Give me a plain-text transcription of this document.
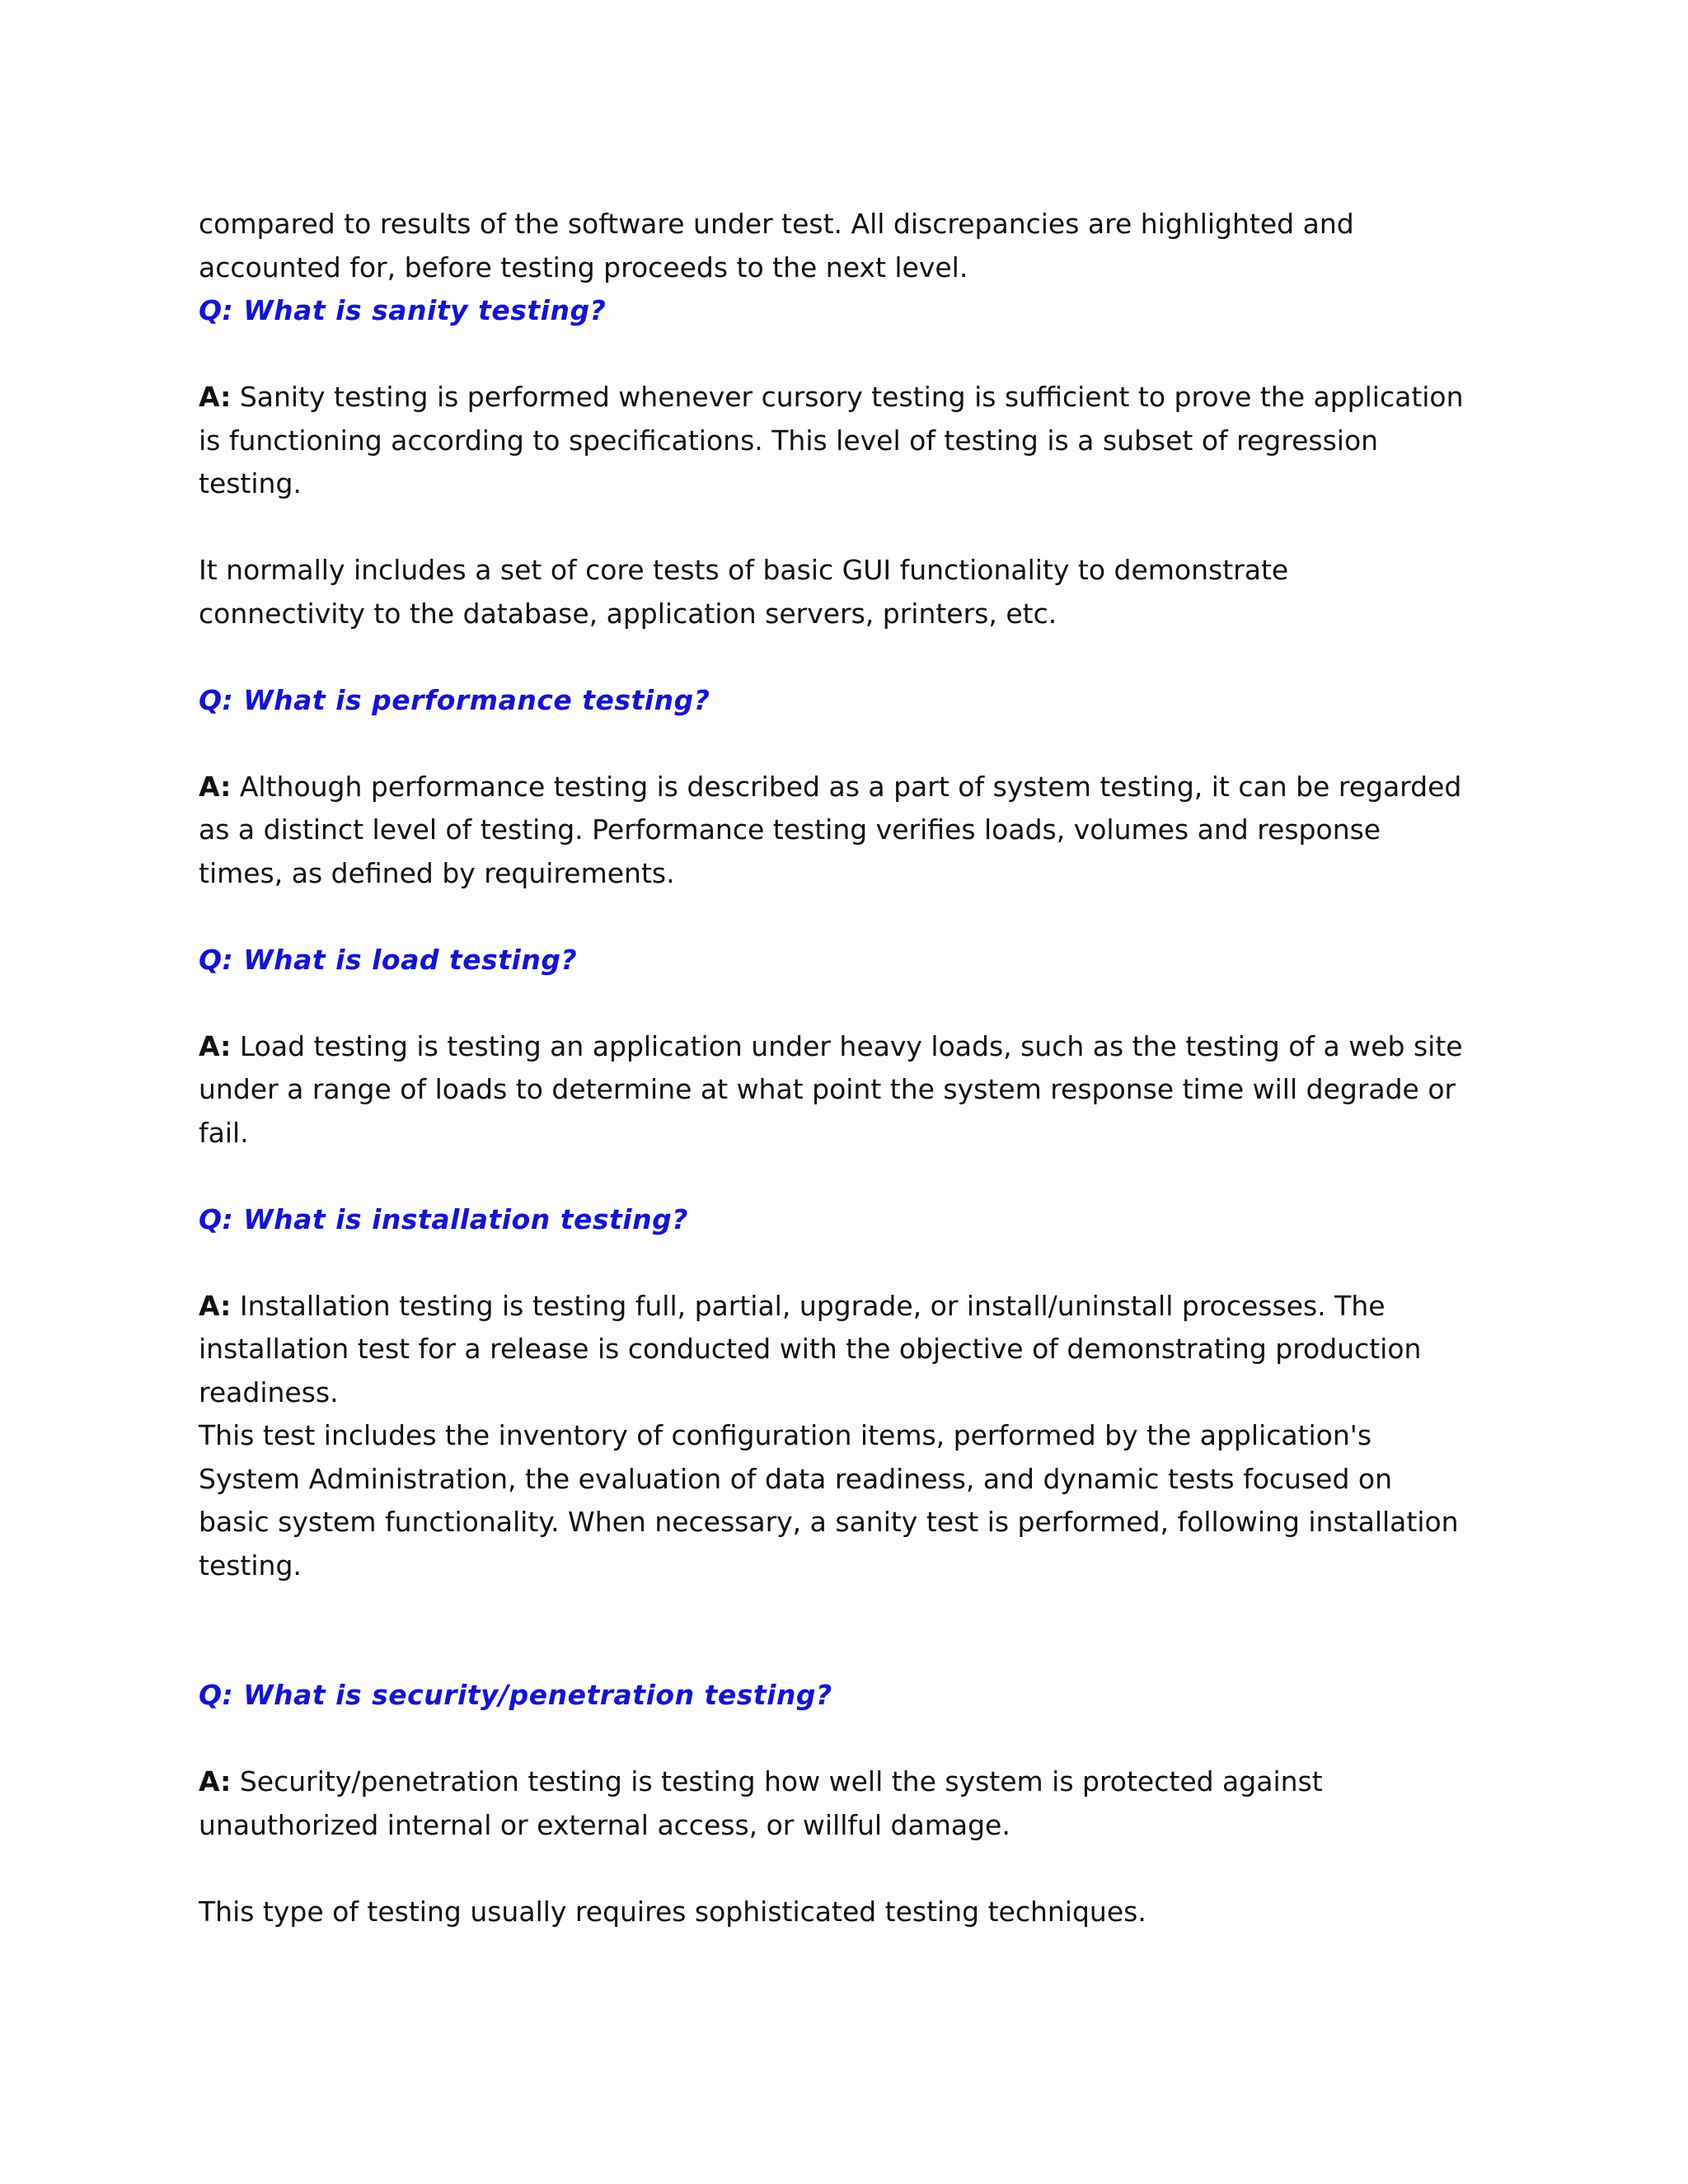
compared to results of the software under test. All discrepancies are highlighted and

accounted for, before testing proceeds to the next level.

Q: What is sanity testing?

A: Sanity testing is performed whenever cursory testing is sufficient to prove the application

is functioning according to specifications. This level of testing is a subset of regression

testing.

It normally includes a set of core tests of basic GUI functionality to demonstrate

connectivity to the database, application servers, printers, etc.

Q: What is performance testing?

A: Although performance testing is described as a part of system testing, it can be regarded

as a distinct level of testing. Performance testing verifies loads, volumes and response

times, as defined by requirements.

Q: What is load testing?

A: Load testing is testing an application under heavy loads, such as the testing of a web site

under a range of loads to determine at what point the system response time will degrade or

fail.

Q: What is installation testing?

A: Installation testing is testing full, partial, upgrade, or install/uninstall processes. The

installation test for a release is conducted with the objective of demonstrating production

readiness.

This test includes the inventory of configuration items, performed by the application's

System Administration, the evaluation of data readiness, and dynamic tests focused on

basic system functionality. When necessary, a sanity test is performed, following installation

testing.

Q: What is security/penetration testing?

A: Security/penetration testing is testing how well the system is protected against

unauthorized internal or external access, or willful damage.

This type of testing usually requires sophisticated testing techniques.
